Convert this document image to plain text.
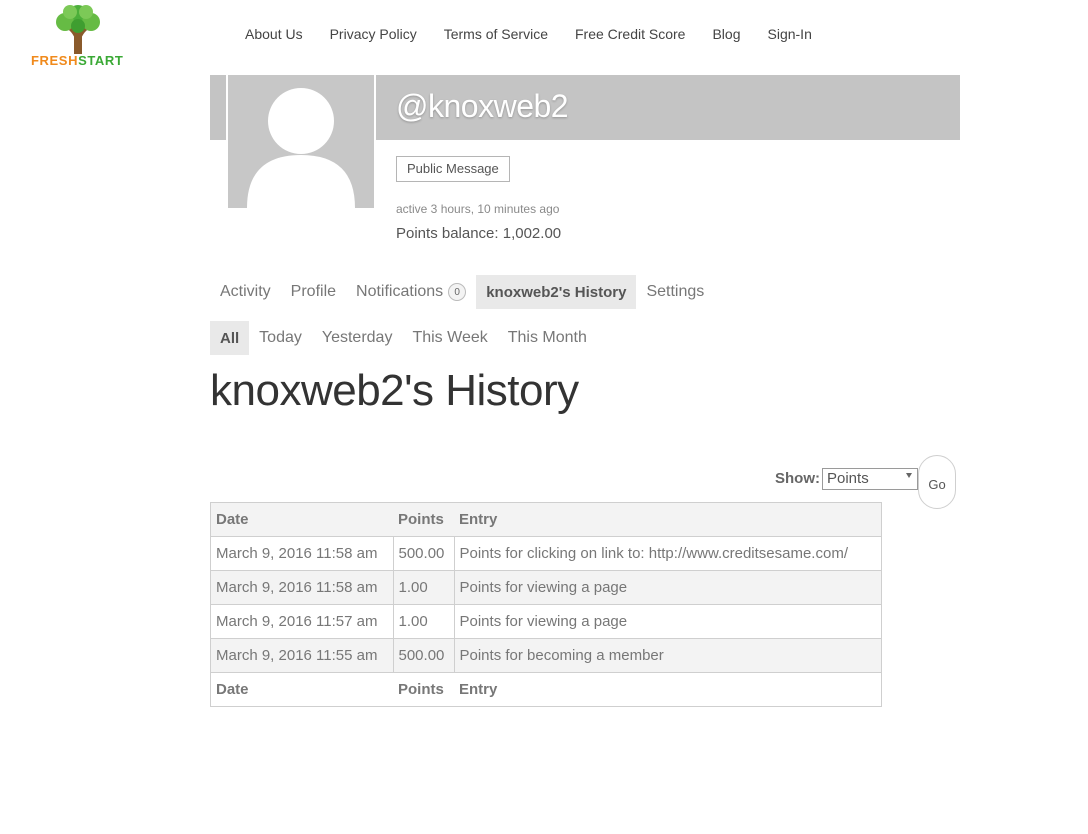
FRESHSTART
About Us Privacy Policy Terms of Service Free Credit Score Blog Sign-In
@knoxweb2
Public Message
active 3 hours, 10 minutes ago
Points balance: 1,002.00
Activity	Profile	Notifications	0	knoxweb2's History	Settings
All	Today	Yesterday	This Week	This Month
knoxweb2's History
Show: Points	Go
Date	Points	Entry
March 9, 2016 11:58 am	500.00	Points for clicking on link to: http://www.creditsesame.com/
March 9, 2016 11:58 am	1.00	Points for viewing a page
March 9, 2016 11:57 am	1.00	Points for viewing a page
March 9, 2016 11:55 am	500.00	Points for becoming a member
Date	Points	Entry
